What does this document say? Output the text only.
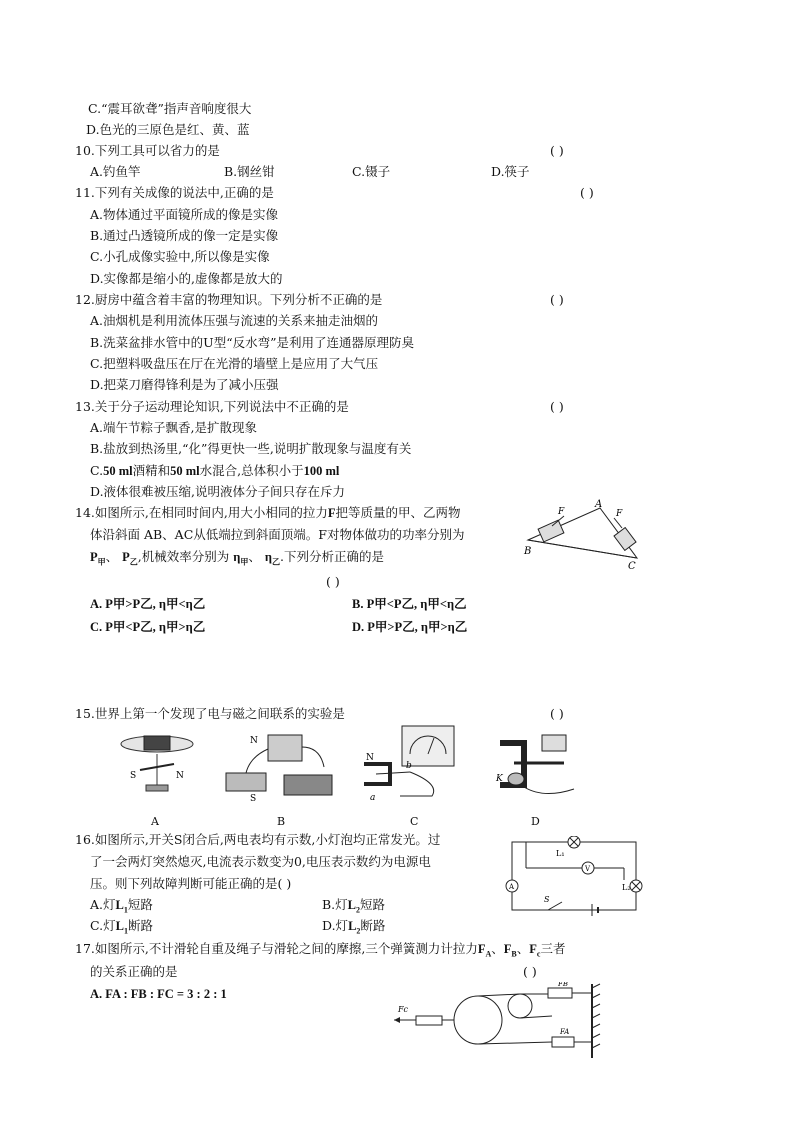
C.“震耳欲聋”指声音响度很大
D.色光的三原色是红、黄、蓝
10.下列工具可以省力的是	( )
A.钓鱼竿	B.钢丝钳	C.镊子	D.筷子
11.下列有关成像的说法中,正确的是	( )
A.物体通过平面镜所成的像是实像
B.通过凸透镜所成的像一定是实像
C.小孔成像实验中,所以像是实像
D.实像都是缩小的,虚像都是放大的
12.厨房中蕴含着丰富的物理知识。下列分析不正确的是	( )
A.油烟机是利用流体压强与流速的关系来抽走油烟的
B.洗菜盆排水管中的U型“反水弯”是利用了连通器原理防臭
C.把塑料吸盘压在厅在光滑的墙壁上是应用了大气压
D.把菜刀磨得锋利是为了减小压强
13.关于分子运动理论知识,下列说法中不正确的是	( )
A.端午节粽子飘香,是扩散现象
B.盐放到热汤里,“化”得更快一些,说明扩散现象与温度有关
C.50 ml酒精和50 ml水混合,总体积小于100 ml
D.液体很难被压缩,说明液体分子间只存在斥力
14.如图所示,在相同时间内,用大小相同的拉力F把等质量的甲、乙两物
体沿斜面 AB、AC从低端拉到斜面顶端。F对物体做功的功率分别为
$P_甲$、 $P_乙$,机械效率分别为 $\eta_甲$、 $\eta_乙$.下列分析正确的是
( )
A. P甲>P乙, η甲<η乙	B. P甲<P乙, η甲<η乙
C. P甲<P乙, η甲>η乙	D. P甲>P乙, η甲>η乙
A
B
C
F	F
15.世界上第一个发现了电与磁之间联系的实验是	( )
S	N
N
S
N
a
b
K
A	B	C	D
16.如图所示,开关S闭合后,两电表均有示数,小灯泡均正常发光。过
了一会两灯突然熄灭,电流表示数变为0,电压表示数约为电源电
压。则下列故障判断可能正确的是( )
A.灯$L_1$短路	B.灯$L_2$短路
C.灯$L_1$断路	D.灯$L_2$断路
L₁
V
L₂
A
S
17.如图所示,不计滑轮自重及绳子与滑轮之间的摩擦,三个弹簧测力计拉力$F_A$、$F_B$、$F_c$三者
的关系正确的是	( )
A. FA : FB : FC = 3 : 2 : 1
Fc
FB
FA
